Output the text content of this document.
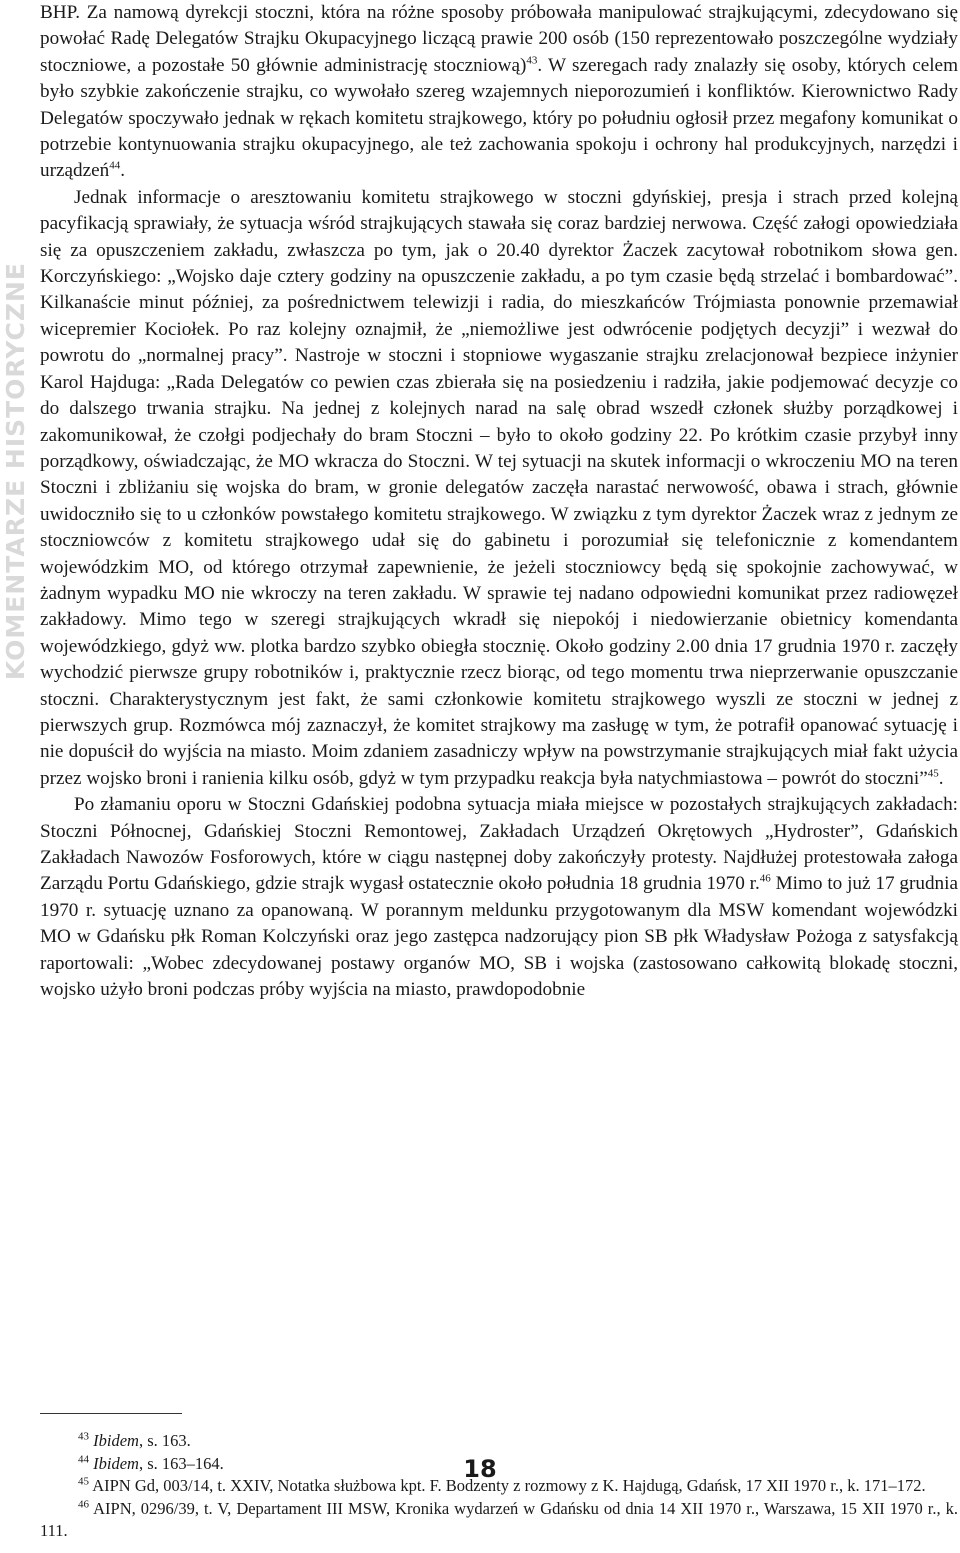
KOMENTARZE HISTORYCZNE

BHP. Za namową dyrekcji stoczni, która na różne sposoby próbowała manipulować strajkującymi, zdecydowano się powołać Radę Delegatów Strajku Okupacyjnego liczącą prawie 200 osób (150 reprezentowało poszczególne wydziały stoczniowe, a pozostałe 50 głównie administrację stoczniową)$^{43}$. W szeregach rady znalazły się osoby, których celem było szybkie zakończenie strajku, co wywołało szereg wzajemnych nieporozumień i konfliktów. Kierownictwo Rady Delegatów spoczywało jednak w rękach komitetu strajkowego, który po południu ogłosił przez megafony komunikat o potrzebie kontynuowania strajku okupacyjnego, ale też zachowania spokoju i ochrony hal produkcyjnych, narzędzi i urządzeń$^{44}$.

Jednak informacje o aresztowaniu komitetu strajkowego w stoczni gdyńskiej, presja i strach przed kolejną pacyfikacją sprawiały, że sytuacja wśród strajkujących stawała się coraz bardziej nerwowa. Część załogi opowiedziała się za opuszczeniem zakładu, zwłaszcza po tym, jak o 20.40 dyrektor Żaczek zacytował robotnikom słowa gen. Korczyńskiego: „Wojsko daje cztery godziny na opuszczenie zakładu, a po tym czasie będą strzelać i bombardować”. Kilkanaście minut później, za pośrednictwem telewizji i radia, do mieszkańców Trójmiasta ponownie przemawiał wicepremier Kociołek. Po raz kolejny oznajmił, że „niemożliwe jest odwrócenie podjętych decyzji” i wezwał do powrotu do „normalnej pracy”. Nastroje w stoczni i stopniowe wygaszanie strajku zrelacjonował bezpiece inżynier Karol Hajduga: „Rada Delegatów co pewien czas zbierała się na posiedzeniu i radziła, jakie podjemować decyzje co do dalszego trwania strajku. Na jednej z kolejnych narad na salę obrad wszedł członek służby porządkowej i zakomunikował, że czołgi podjechały do bram Stoczni – było to około godziny 22. Po krótkim czasie przybył inny porządkowy, oświadczając, że MO wkracza do Stoczni. W tej sytuacji na skutek informacji o wkroczeniu MO na teren Stoczni i zbliżaniu się wojska do bram, w gronie delegatów zaczęła narastać nerwowość, obawa i strach, głównie uwidoczniło się to u członków powstałego komitetu strajkowego. W związku z tym dyrektor Żaczek wraz z jednym ze stoczniowców z komitetu strajkowego udał się do gabinetu i porozumiał się telefonicznie z komendantem wojewódzkim MO, od którego otrzymał zapewnienie, że jeżeli stoczniowcy będą się spokojnie zachowywać, w żadnym wypadku MO nie wkroczy na teren zakładu. W sprawie tej nadano odpowiedni komunikat przez radiowęzeł zakładowy. Mimo tego w szeregi strajkujących wkradł się niepokój i niedowierzanie obietnicy komendanta wojewódzkiego, gdyż ww. plotka bardzo szybko obiegła stocznię. Około godziny 2.00 dnia 17 grudnia 1970 r. zaczęły wychodzić pierwsze grupy robotników i, praktycznie rzecz biorąc, od tego momentu trwa nieprzerwanie opuszczanie stoczni. Charakterystycznym jest fakt, że sami członkowie komitetu strajkowego wyszli ze stoczni w jednej z pierwszych grup. Rozmówca mój zaznaczył, że komitet strajkowy ma zasługę w tym, że potrafił opanować sytuację i nie dopuścił do wyjścia na miasto. Moim zdaniem zasadniczy wpływ na powstrzymanie strajkujących miał fakt użycia przez wojsko broni i ranienia kilku osób, gdyż w tym przypadku reakcja była natychmiastowa – powrót do stoczni”$^{45}$.

Po złamaniu oporu w Stoczni Gdańskiej podobna sytuacja miała miejsce w pozostałych strajkujących zakładach: Stoczni Północnej, Gdańskiej Stoczni Remontowej, Zakładach Urządzeń Okrętowych „Hydroster”, Gdańskich Zakładach Nawozów Fosforowych, które w ciągu następnej doby zakończyły protesty. Najdłużej protestowała załoga Zarządu Portu Gdańskiego, gdzie strajk wygasł ostatecznie około południa 18 grudnia 1970 r.$^{46}$ Mimo to już 17 grudnia 1970 r. sytuację uznano za opanowaną. W porannym meldunku przygotowanym dla MSW komendant wojewódzki MO w Gdańsku płk Roman Kolczyński oraz jego zastępca nadzorujący pion SB płk Władysław Pożoga z satysfakcją raportowali: „Wobec zdecydowanej postawy organów MO, SB i wojska (zastosowano całkowitą blokadę stoczni, wojsko użyło broni podczas próby wyjścia na miasto, prawdopodobnie

$^{43}$ Ibidem, s. 163.

$^{44}$ Ibidem, s. 163–164.

$^{45}$ AIPN Gd, 003/14, t. XXIV, Notatka służbowa kpt. F. Bodzenty z rozmowy z K. Hajdugą, Gdańsk, 17 XII 1970 r., k. 171–172.

$^{46}$ AIPN, 0296/39, t. V, Departament III MSW, Kronika wydarzeń w Gdańsku od dnia 14 XII 1970 r., Warszawa, 15 XII 1970 r., k. 111.

18
